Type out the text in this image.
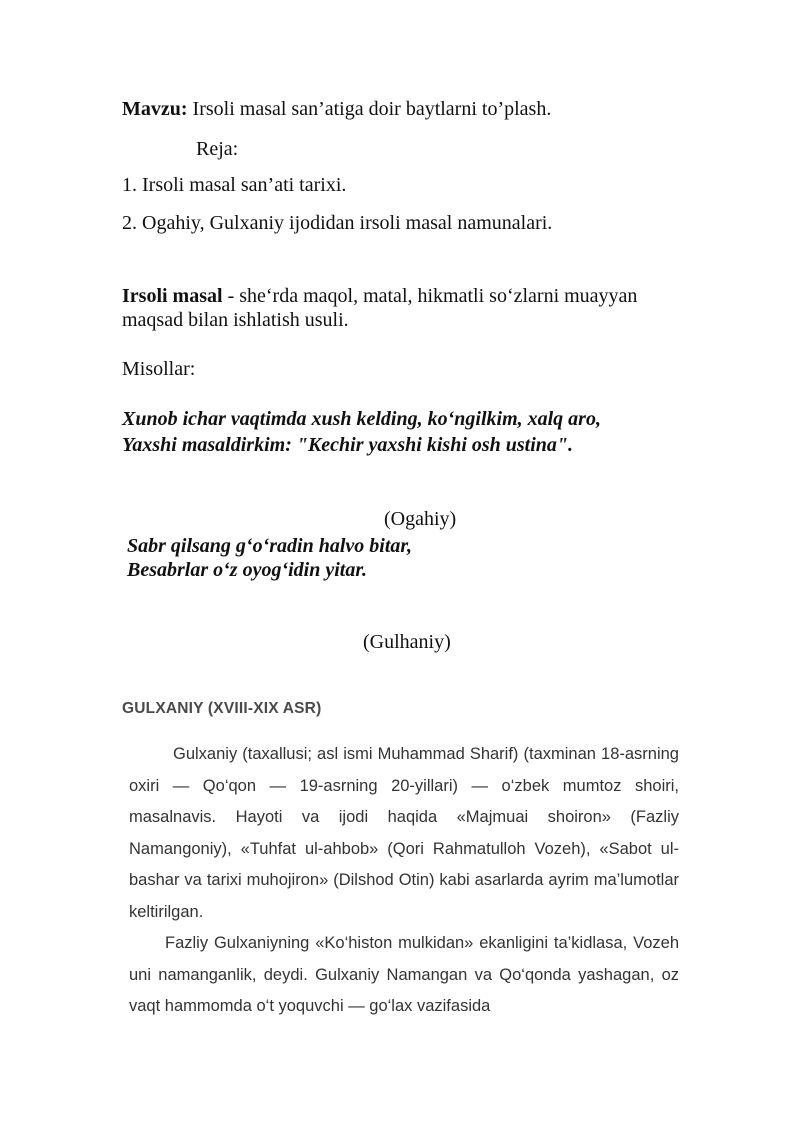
Mavzu: Irsoli masal san’atiga doir baytlarni to’plash.
Reja:
1. Irsoli masal san’ati tarixi.
2. Ogahiy, Gulxaniy ijodidan irsoli masal namunalari.
Irsoli masal - she‘rda maqol, matal, hikmatli so‘zlarni muayyan maqsad bilan ishlatish usuli.
Misollar:
Xunob ichar vaqtimda xush kelding, ko‘ngilkim, xalq aro,
Yaxshi masaldirkim: "Kechir yaxshi kishi osh ustina".
(Ogahiy)
Sabr qilsang g‘o‘radin halvo bitar,
Besabrlar o‘z oyog‘idin yitar.
(Gulhaniy)
GULXANIY (XVIII-XIX ASR)

Gulxaniy (taxallusi; asl ismi Muhammad Sharif) (taxminan 18-asrning oxiri — Qo‘qon — 19-asrning 20-yillari) — o‘zbek mumtoz shoiri, masalnavis. Hayoti va ijodi haqida «Majmuai shoiron» (Fazliy Namangoniy), «Tuhfat ul-ahbob» (Qori Rahmatulloh Vozeh), «Sabot ul-bashar va tarixi muhojiron» (Dilshod Otin) kabi asarlarda ayrim ma’lumotlar keltirilgan.

Fazliy Gulxaniyning «Ko‘histon mulkidan» ekanligini ta’kidlasa, Vozeh uni namanganlik, deydi. Gulxaniy Namangan va Qo‘qonda yashagan, oz vaqt hammomda o‘t yoquvchi — go‘lax vazifasida
